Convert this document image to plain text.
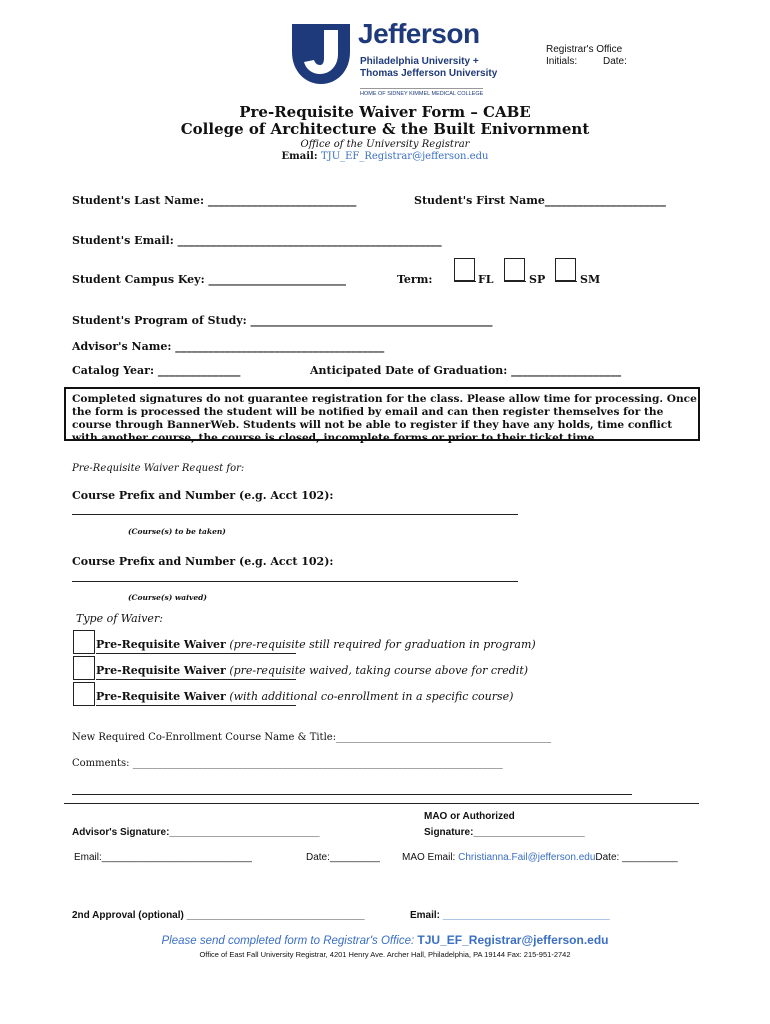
Jefferson
Philadelphia University +
Thomas Jefferson University
HOME OF SIDNEY KIMMEL MEDICAL COLLEGE
Registrar's Office
Initials:	Date:
Pre-Requisite Waiver Form – CABE
College of Architecture & the Built Enivornment
Office of the University Registrar
Email: TJU_EF_Registrar@jefferson.edu
Student's Last Name: ___________________________	Student's First Name______________________
Student's Email: ________________________________________________
Student Campus Key: _________________________	Term:	FL	SP	SM
Student's Program of Study: ____________________________________________
Advisor's Name: ______________________________________
Catalog Year: _______________	Anticipated Date of Graduation: ____________________
Completed signatures do not guarantee registration for the class. Please allow time for processing. Once the form is processed the student will be notified by email and can then register themselves for the course through BannerWeb. Students will not be able to register if they have any holds, time conflict with another course, the course is closed, incomplete forms or prior to their ticket time.
Pre-Requisite Waiver Request for:
Course Prefix and Number (e.g. Acct 102):
(Course(s) to be taken)
Course Prefix and Number (e.g. Acct 102):
(Course(s) waived)
Type of Waiver:
Pre-Requisite Waiver (pre-requisite still required for graduation in program)
Pre-Requisite Waiver (pre-requisite waived, taking course above for credit)
Pre-Requisite Waiver (with additional co-enrollment in a specific course)
New Required Co-Enrollment Course Name & Title:___________________________________________
Comments: __________________________________________________________________________
MAO or Authorized
Signature:____________________
Advisor's Signature:___________________________
Email:___________________________	Date:_________ MAO Email: Christianna.Fail@jefferson.eduDate: __________
2nd Approval (optional) ________________________________	Email: ______________________________
Please send completed form to Registrar's Office: TJU_EF_Registrar@jefferson.edu
Office of East Fall University Registrar, 4201 Henry Ave. Archer Hall, Philadelphia, PA 19144 Fax: 215-951-2742
